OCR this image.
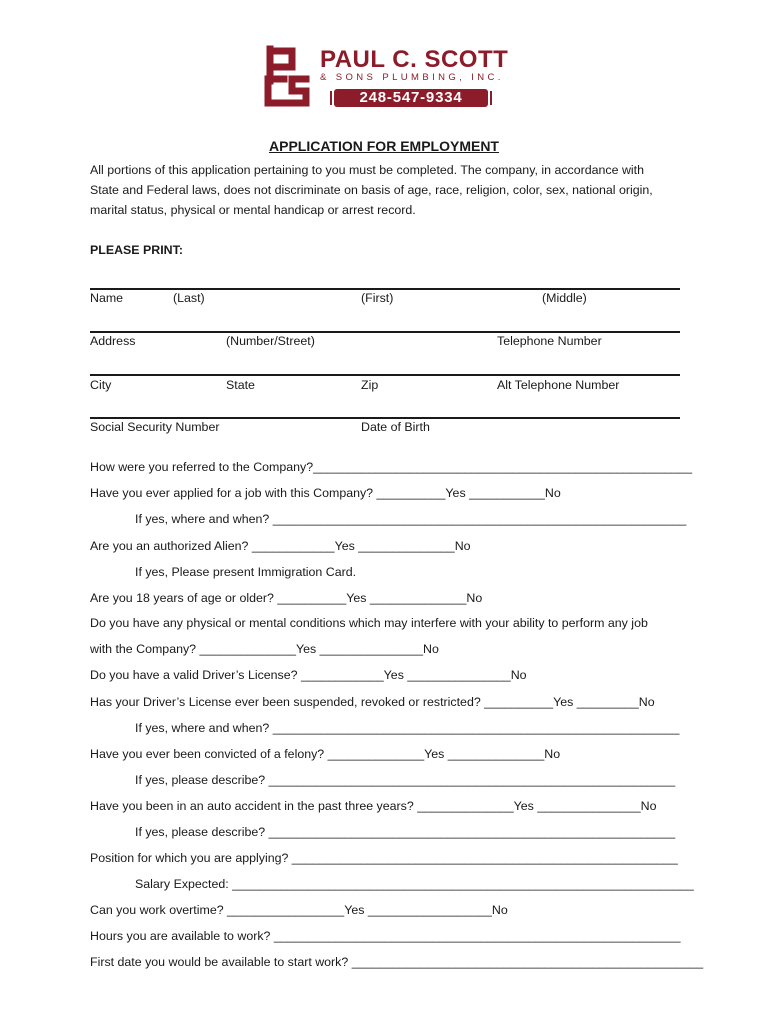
PAUL C. SCOTT
& SONS PLUMBING, INC.
248-547-9334
APPLICATION FOR EMPLOYMENT
All portions of this application pertaining to you must be completed. The company, in accordance with
State and Federal laws, does not discriminate on basis of age, race, religion, color, sex, national origin,
marital status, physical or mental handicap or arrest record.
PLEASE PRINT:
Name	(Last)	(First)	(Middle)
Address	(Number/Street)	Telephone Number
City	State	Zip	Alt Telephone Number
Social Security Number	Date of Birth
How were you referred to the Company?_______________________________________________________
Have you ever applied for a job with this Company? __________Yes ___________No
If yes, where and when? ____________________________________________________________
Are you an authorized Alien? ____________Yes ______________No
If yes, Please present Immigration Card.
Are you 18 years of age or older? __________Yes ______________No
Do you have any physical or mental conditions which may interfere with your ability to perform any job
with the Company? ______________Yes _______________No
Do you have a valid Driver’s License? ____________Yes _______________No
Has your Driver’s License ever been suspended, revoked or restricted? __________Yes _________No
If yes, where and when? ___________________________________________________________
Have you ever been convicted of a felony? ______________Yes ______________No
If yes, please describe? ___________________________________________________________
Have you been in an auto accident in the past three years? ______________Yes _______________No
If yes, please describe? ___________________________________________________________
Position for which you are applying? ________________________________________________________
Salary Expected: ___________________________________________________________________
Can you work overtime? _________________Yes __________________No
Hours you are available to work? ___________________________________________________________
First date you would be available to start work? ___________________________________________________
